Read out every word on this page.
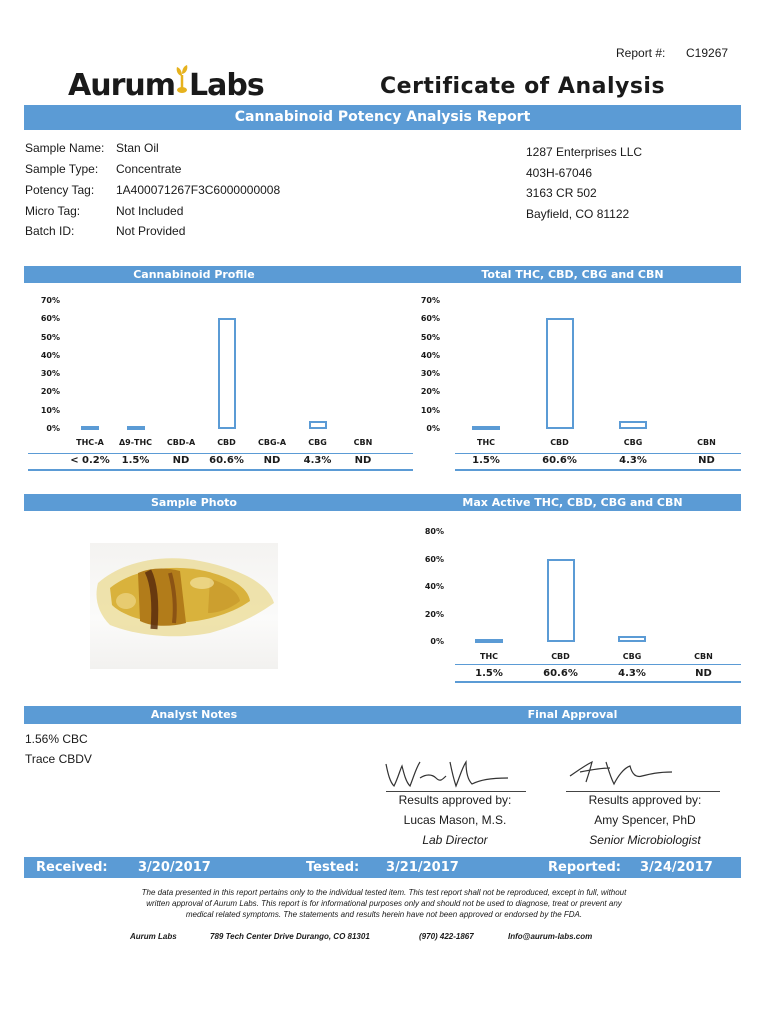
Report #: C19267
Aurum Labs	Certificate of Analysis
Cannabinoid Potency Analysis Report
Sample Name: Stan Oil
Sample Type: Concentrate
Potency Tag: 1A400071267F3C6000000008
Micro Tag:	Not Included
Batch ID:	Not Provided
1287 Enterprises LLC
403H-67046
3163 CR 502
Bayfield, CO 81122
Cannabinoid Profile	Total THC, CBD, CBG and CBN
70%
60%
50%
40%
30%
20%
10%
0%
THC-A	Δ9-THC	CBD-A	CBD	CBG-A	CBG	CBN
< 0.2%	1.5%	ND	60.6%	ND	4.3%	ND
70%
60%
50%
40%
30%
20%
10%
0%
THC	CBD	CBG	CBN
1.5%	60.6%	4.3%	ND
Sample Photo	Max Active THC, CBD, CBG and CBN
80%
60%
40%
20%
0%
THC	CBD	CBG	CBN
1.5%	60.6%	4.3%	ND
Analyst Notes	Final Approval
1.56% CBC
Trace CBDV
Results approved by:
Lucas Mason, M.S.
Lab Director
Results approved by:
Amy Spencer, PhD
Senior Microbiologist
Received: 3/20/2017	Tested: 3/21/2017	Reported: 3/24/2017
The data presented in this report pertains only to the individual tested item. This test report shall not be reproduced, except in full, without
written approval of Aurum Labs. This report is for informational purposes only and should not be used to diagnose, treat or prevent any
medical related symptoms. The statements and results herein have not been approved or endorsed by the FDA.
Aurum Labs	789 Tech Center Drive Durango, CO 81301	(970) 422-1867	Info@aurum-labs.com
